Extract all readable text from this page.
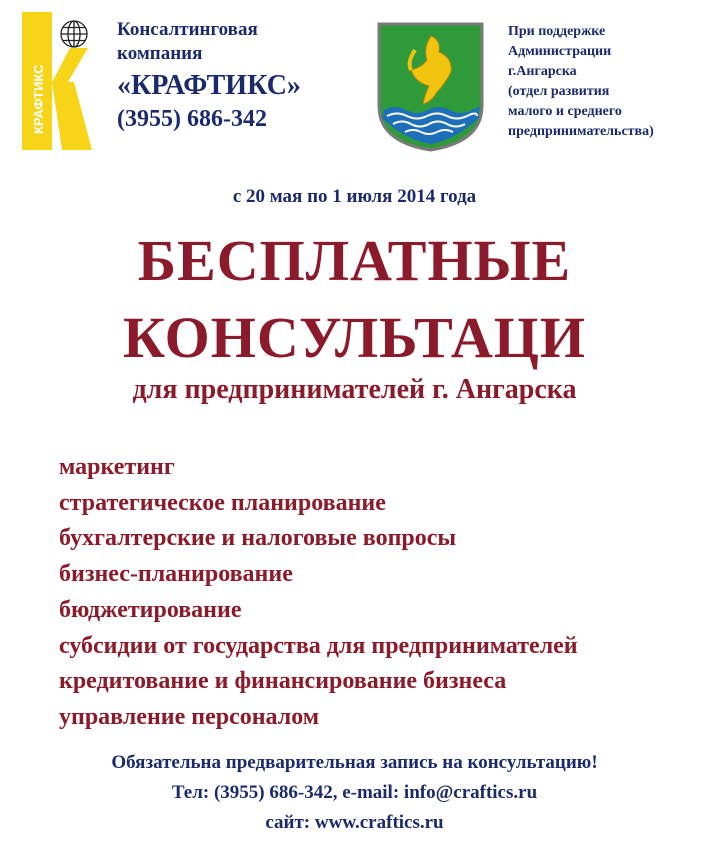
КРАФТИКС
Консалтинговая
компания
«КРАФТИКС»
(3955) 686-342
При поддержке
Администрации
г.Ангарска
(отдел развития
малого и среднего
предпринимательства)
с 20 мая по 1 июля 2014 года
БЕСПЛАТНЫЕ
КОНСУЛЬТАЦИ
для предпринимателей г. Ангарска
маркетинг
стратегическое планирование
бухгалтерские и налоговые вопросы
бизнес-планирование
бюджетирование
субсидии от государства для предпринимателей
кредитование и финансирование бизнеса
управление персоналом
Обязательна предварительная запись на консультацию!
Тел: (3955) 686-342, e-mail: info@craftics.ru
сайт: www.craftics.ru
